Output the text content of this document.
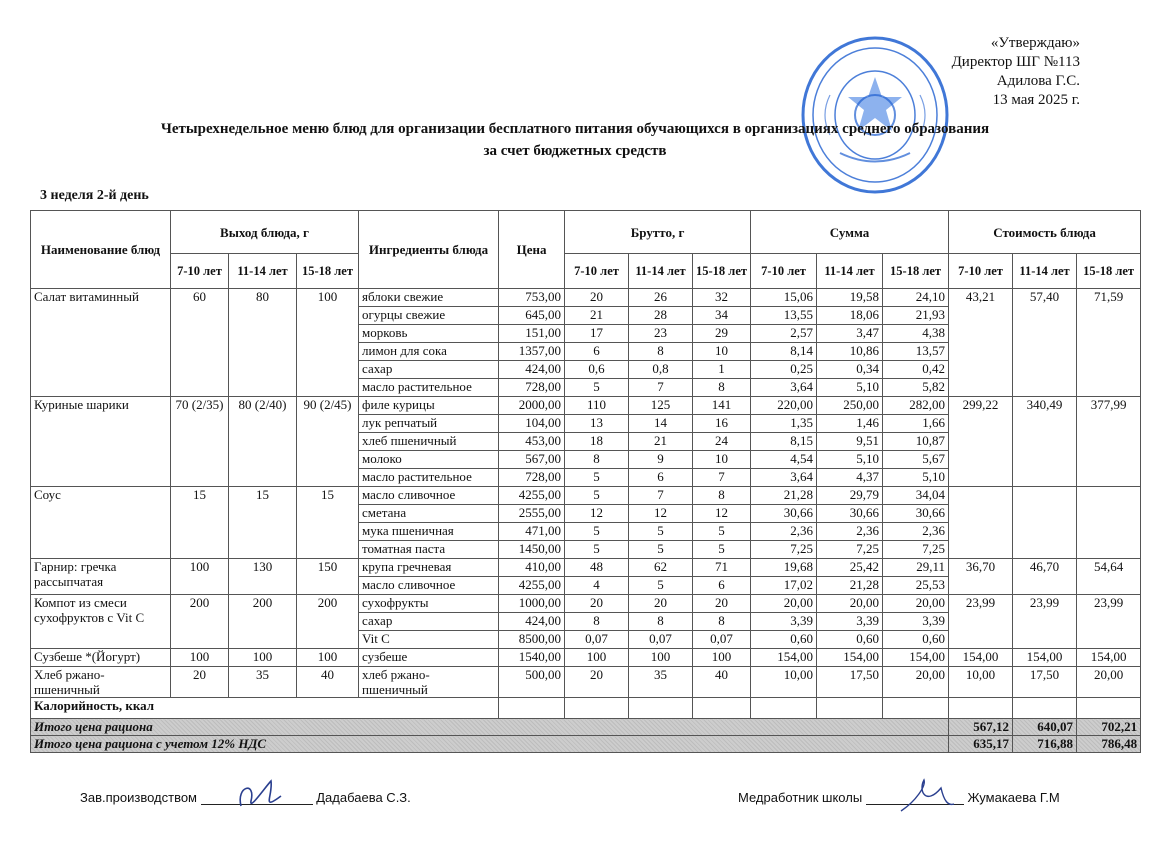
«Утверждаю»
Директор ШГ №113
Адилова Г.С.
13 мая 2025 г.
Четырехнедельное меню блюд для организации бесплатного питания обучающихся в организациях среднего образования
за счет бюджетных средств
3 неделя 2-й день
Наименование блюд	Выход блюда, г			Ингредиенты блюда	Цена	Брутто, г			Сумма			Стоимость блюда		
	7-10 лет	11-14 лет	15-18 лет			7-10 лет	11-14 лет	15-18 лет	7-10 лет	11-14 лет	15-18 лет	7-10 лет	11-14 лет	15-18 лет
Салат витаминный	60	80	100	яблоки свежие	753,00	20	26	32	15,06	19,58	24,10	43,21	57,40	71,59
				огурцы свежие	645,00	21	28	34	13,55	18,06	21,93			
				морковь	151,00	17	23	29	2,57	3,47	4,38			
				лимон для сока	1357,00	6	8	10	8,14	10,86	13,57			
				сахар	424,00	0,6	0,8	1	0,25	0,34	0,42			
				масло растительное	728,00	5	7	8	3,64	5,10	5,82			
Куриные шарики	70 (2/35)	80 (2/40)	90 (2/45)	филе курицы	2000,00	110	125	141	220,00	250,00	282,00	299,22	340,49	377,99
				лук репчатый	104,00	13	14	16	1,35	1,46	1,66			
				хлеб пшеничный	453,00	18	21	24	8,15	9,51	10,87			
				молоко	567,00	8	9	10	4,54	5,10	5,67			
				масло растительное	728,00	5	6	7	3,64	4,37	5,10			
Соус	15	15	15	масло сливочное	4255,00	5	7	8	21,28	29,79	34,04			
				сметана	2555,00	12	12	12	30,66	30,66	30,66			
				мука пшеничная	471,00	5	5	5	2,36	2,36	2,36			
				томатная паста	1450,00	5	5	5	7,25	7,25	7,25			
Гарнир: гречка рассыпчатая	100	130	150	крупа гречневая	410,00	48	62	71	19,68	25,42	29,11	36,70	46,70	54,64
				масло сливочное	4255,00	4	5	6	17,02	21,28	25,53			
Компот из смеси сухофруктов с Vit C	200	200	200	сухофрукты	1000,00	20	20	20	20,00	20,00	20,00	23,99	23,99	23,99
				сахар	424,00	8	8	8	3,39	3,39	3,39			
				Vit C	8500,00	0,07	0,07	0,07	0,60	0,60	0,60			
Сузбеше *(Йогурт)	100	100	100	сузбеше	1540,00	100	100	100	154,00	154,00	154,00	154,00	154,00	154,00
Хлеб ржано-пшеничный	20	35	40	хлеб ржано-пшеничный	500,00	20	35	40	10,00	17,50	20,00	10,00	17,50	20,00
Калорийность, ккал														
Итого цена рациона												567,12	640,07	702,21
Итого цена рациона с учетом 12% НДС												635,17	716,88	786,48
Зав.производством	Дадабаева С.З.	Медработник школы	Жумакаева Г.М
